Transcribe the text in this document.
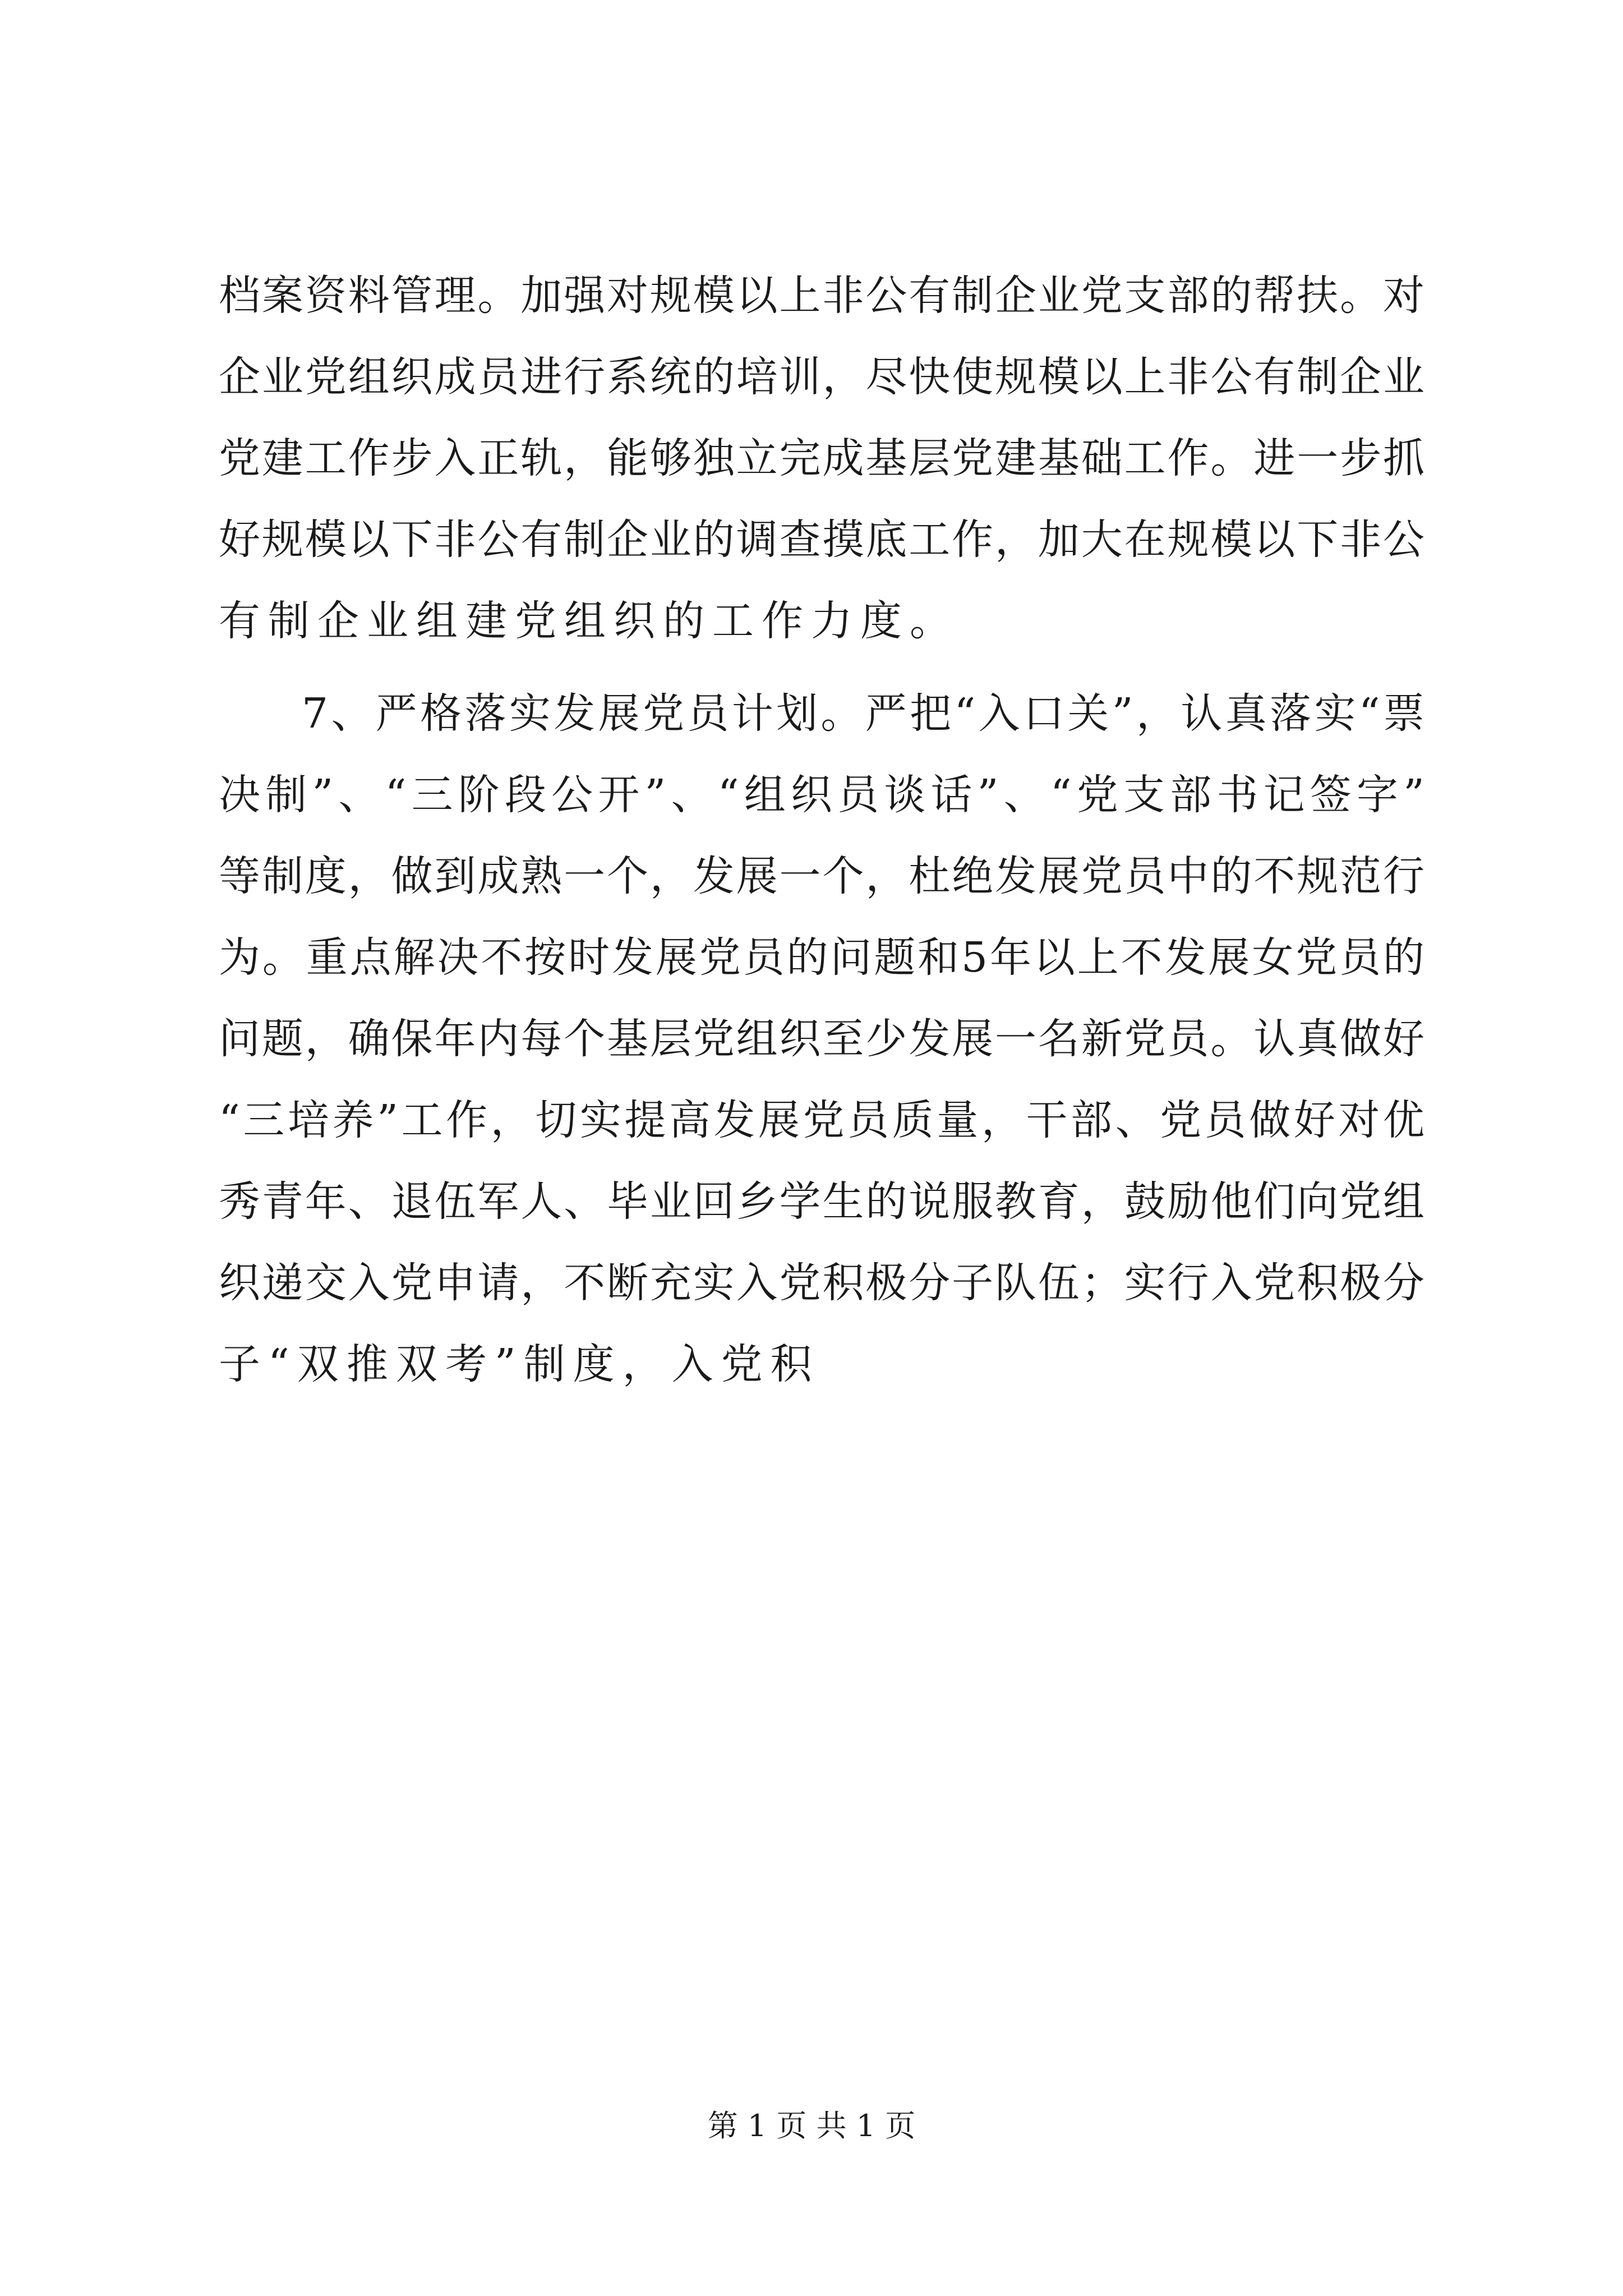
档案资料管理。加强对规模以上非公有制企业党支部的帮扶。对
企业党组织成员进行系统的培训，尽快使规模以上非公有制企业
党建工作步入正轨，能够独立完成基层党建基础工作。进一步抓
好规模以下非公有制企业的调查摸底工作，加大在规模以下非公
有制企业组建党组织的工作力度。
7、严格落实发展党员计划。严把“入口关”，认真落实“票
决制”、“三阶段公开”、“组织员谈话”、“党支部书记签字”
等制度，做到成熟一个，发展一个，杜绝发展党员中的不规范行
为。重点解决不按时发展党员的问题和5年以上不发展女党员的
问题，确保年内每个基层党组织至少发展一名新党员。认真做好
“三培养”工作，切实提高发展党员质量，干部、党员做好对优
秀青年、退伍军人、毕业回乡学生的说服教育，鼓励他们向党组
织递交入党申请，不断充实入党积极分子队伍；实行入党积极分
子“双推双考”制度，入党积
第 1 页 共 1 页
